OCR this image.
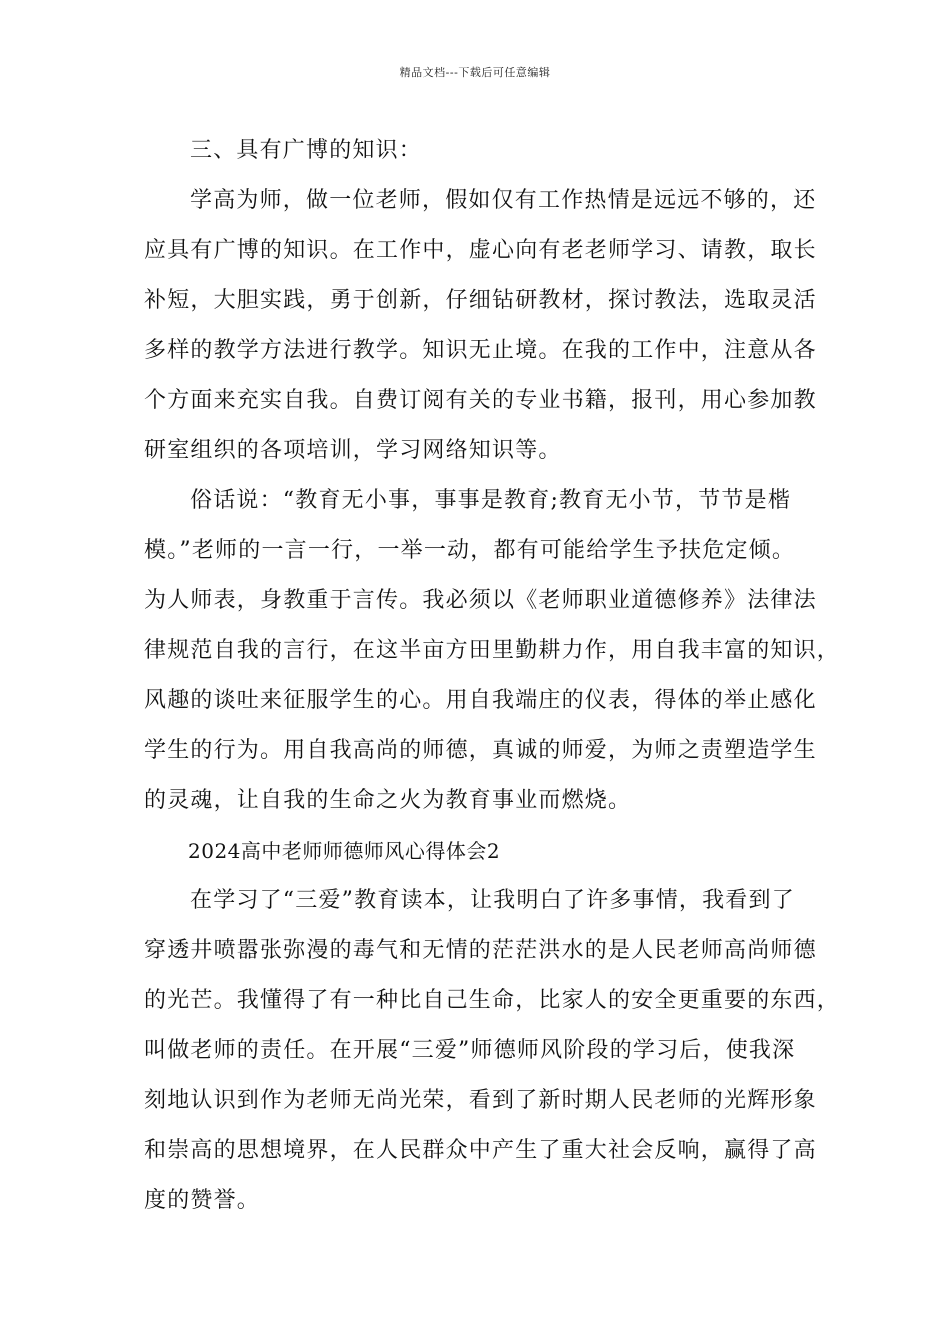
精品文档---下载后可任意编辑
三、具有广博的知识：
学高为师，做一位老师，假如仅有工作热情是远远不够的，还
应具有广博的知识。在工作中，虚心向有老老师学习、请教，取长
补短，大胆实践，勇于创新，仔细钻研教材，探讨教法，选取灵活
多样的教学方法进行教学。知识无止境。在我的工作中，注意从各
个方面来充实自我。自费订阅有关的专业书籍，报刊，用心参加教
研室组织的各项培训，学习网络知识等。
俗话说：“教育无小事，事事是教育;教育无小节，节节是楷
模。”老师的一言一行，一举一动，都有可能给学生予扶危定倾。
为人师表，身教重于言传。我必须以《老师职业道德修养》法律法
律规范自我的言行，在这半亩方田里勤耕力作，用自我丰富的知识，
风趣的谈吐来征服学生的心。用自我端庄的仪表，得体的举止感化
学生的行为。用自我高尚的师德，真诚的师爱，为师之责塑造学生
的灵魂，让自我的生命之火为教育事业而燃烧。
2024高中老师师德师风心得体会2
在学习了“三爱”教育读本，让我明白了许多事情，我看到了
穿透井喷嚣张弥漫的毒气和无情的茫茫洪水的是人民老师高尚师德
的光芒。我懂得了有一种比自己生命，比家人的安全更重要的东西，
叫做老师的责任。在开展“三爱”师德师风阶段的学习后，使我深
刻地认识到作为老师无尚光荣，看到了新时期人民老师的光辉形象
和崇高的思想境界，在人民群众中产生了重大社会反响，赢得了高
度的赞誉。
